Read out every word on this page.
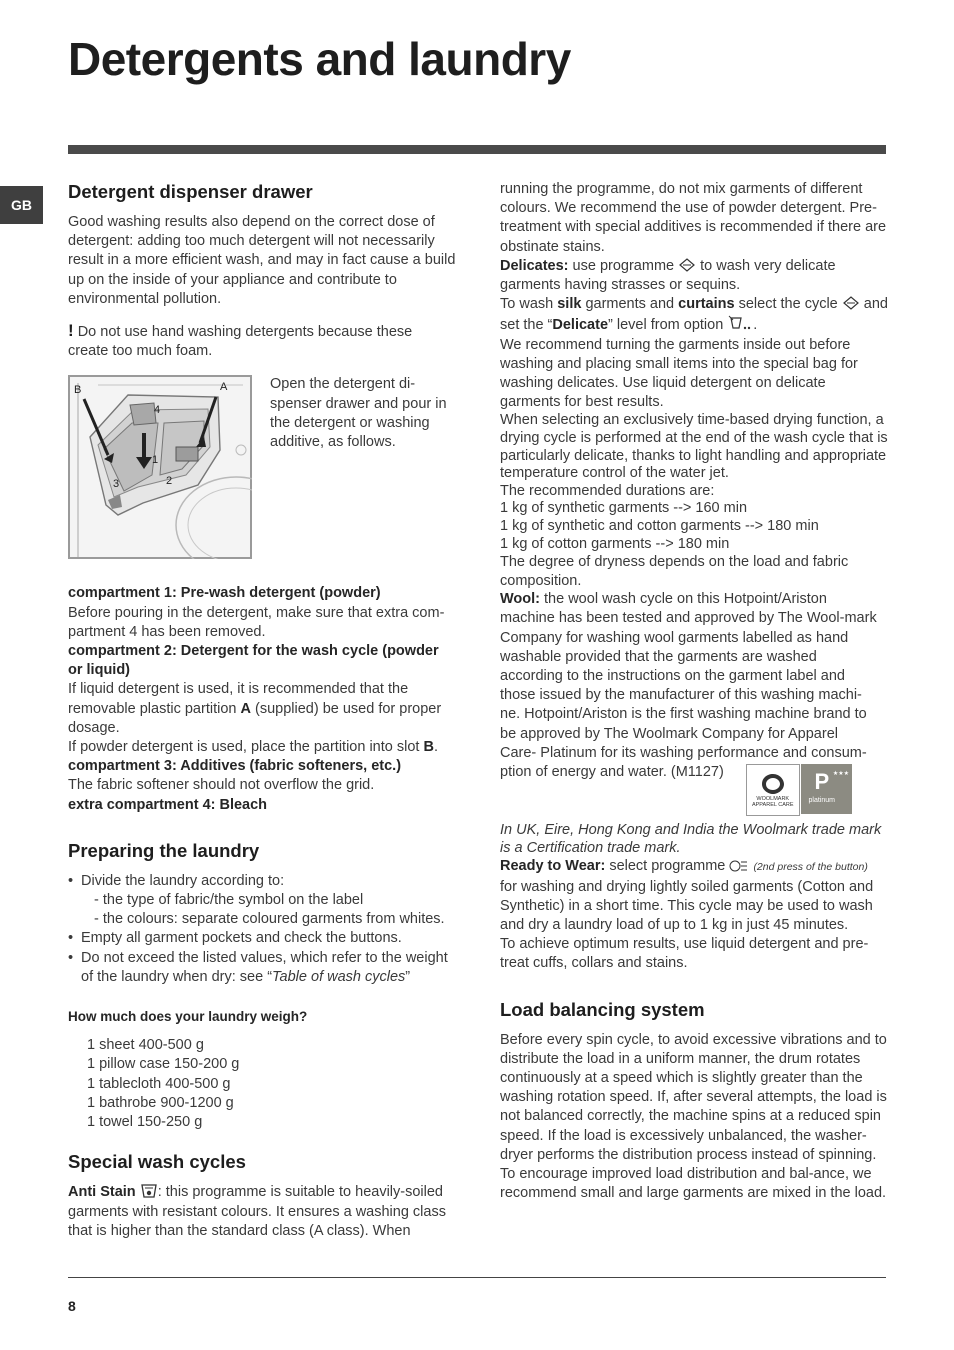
Detergents and laundry
GB
Detergent dispenser drawer

Good washing results also depend on the correct dose of detergent: adding too much detergent will not necessarily result in a more efficient wash, and may in fact cause a build up on the inside of your appliance and contribute to environmental pollution.

! Do not use hand washing detergents because these create too much foam.

B	A
4
1
2
3

Open the detergent di-spenser drawer and pour in the detergent or washing additive, as follows.

compartment 1: Pre-wash detergent (powder)

Before pouring in the detergent, make sure that extra com-partment 4 has been removed.

compartment 2: Detergent for the wash cycle (powder or liquid)

If liquid detergent is used, it is recommended that the removable plastic partition A (supplied) be used for proper dosage.

If powder detergent is used, place the partition into slot B.

compartment 3: Additives (fabric softeners, etc.)

The fabric softener should not overflow the grid.

extra compartment 4: Bleach

Preparing the laundry
• Divide the laundry according to:
- the type of fabric/the symbol on the label
- the colours: separate coloured garments from whites.
• Empty all garment pockets and check the buttons.
• Do not exceed the listed values, which refer to the weight of the laundry when dry: see “Table of wash cycles”
How much does your laundry weigh?
1 sheet 400-500 g
1 pillow case 150-200 g
1 tablecloth 400-500 g
1 bathrobe 900-1200 g
1 towel 150-250 g
Special wash cycles

Anti Stain : this programme is suitable to heavily-soiled garments with resistant colours. It ensures a washing class that is higher than the standard class (A class). When

running the programme, do not mix garments of different colours. We recommend the use of powder detergent. Pre-treatment with special additives is recommended if there are obstinate stains.

Delicates: use programme  to wash very delicate garments having strasses or sequins.

To wash silk garments and curtains select the cycle  and set the “Delicate” level from option .

We recommend turning the garments inside out before washing and placing small items into the special bag for washing delicates. Use liquid detergent on delicate garments for best results.

When selecting an exclusively time-based drying function, a drying cycle is performed at the end of the wash cycle that is particularly delicate, thanks to light handling and appropriate temperature control of the water jet.

The recommended durations are:

1 kg of synthetic garments --> 160 min

1 kg of synthetic and cotton garments --> 180 min

1 kg of cotton garments --> 180 min

The degree of dryness depends on the load and fabric composition.

Wool: the wool wash cycle on this Hotpoint/Ariston machine has been tested and approved by The Wool-mark Company for washing wool garments labelled as hand washable provided that the garments are washed according to the instructions on the garment label and those issued by the manufacturer of this washing machi-ne. Hotpoint/Ariston is the first washing machine brand to be approved by The Woolmark Company for Apparel Care- Platinum for its washing performance and consum-ption of energy and water. (M1127)

In UK, Eire, Hong Kong and India the Woolmark trade mark is a Certification trade mark.

Ready to Wear: select programme  (2nd press of the button)

for washing and drying lightly soiled garments (Cotton and Synthetic) in a short time. This cycle may be used to wash and dry a laundry load of up to 1 kg in just 45 minutes.

To achieve optimum results, use liquid detergent and pre-treat cuffs, collars and stains.

Load balancing system

Before every spin cycle, to avoid excessive vibrations and to distribute the load in a uniform manner, the drum rotates continuously at a speed which is slightly greater than the washing rotation speed. If, after several attempts, the load is not balanced correctly, the machine spins at a reduced spin speed. If the load is excessively unbalanced, the washer-dryer performs the distribution process instead of spinning. To encourage improved load distribution and bal-ance, we recommend small and large garments are mixed in the load.

WOOLMARK APPAREL CARE
★★★
P
platinum
8
